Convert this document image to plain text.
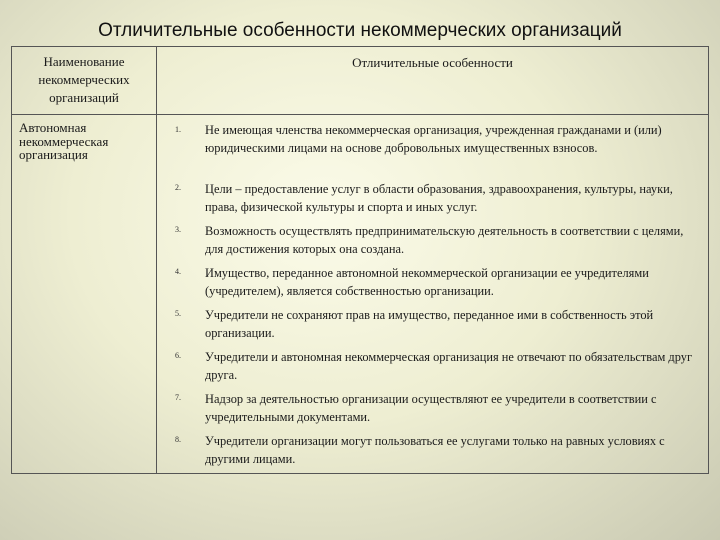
Отличительные особенности некоммерческих организаций
Наименование
некоммерческих
организаций
Отличительные особенности
Автономная
некоммерческая
организация
1.
2.
3.
4.
5.
6.
7.
8.

Не имеющая членства некоммерческая организация, учрежденная гражданами и (или) юридическими лицами на основе добровольных имущественных взносов.

Цели – предоставление услуг в области образования, здравоохранения, культуры, науки, права, физической культуры и спорта и иных услуг.

Возможность осуществлять предпринимательскую деятельность в соответствии с целями, для достижения которых она создана.

Имущество, переданное автономной некоммерческой организации ее учредителями (учредителем), является собственностью организации.

Учредители не сохраняют прав на имущество, переданное ими в собственность этой организации.

Учредители и автономная некоммерческая организация не отвечают по обязательствам друг друга.

Надзор за деятельностью организации осуществляют ее учредители в соответствии с учредительными документами.

Учредители организации могут пользоваться ее услугами только на равных условиях с другими лицами.
